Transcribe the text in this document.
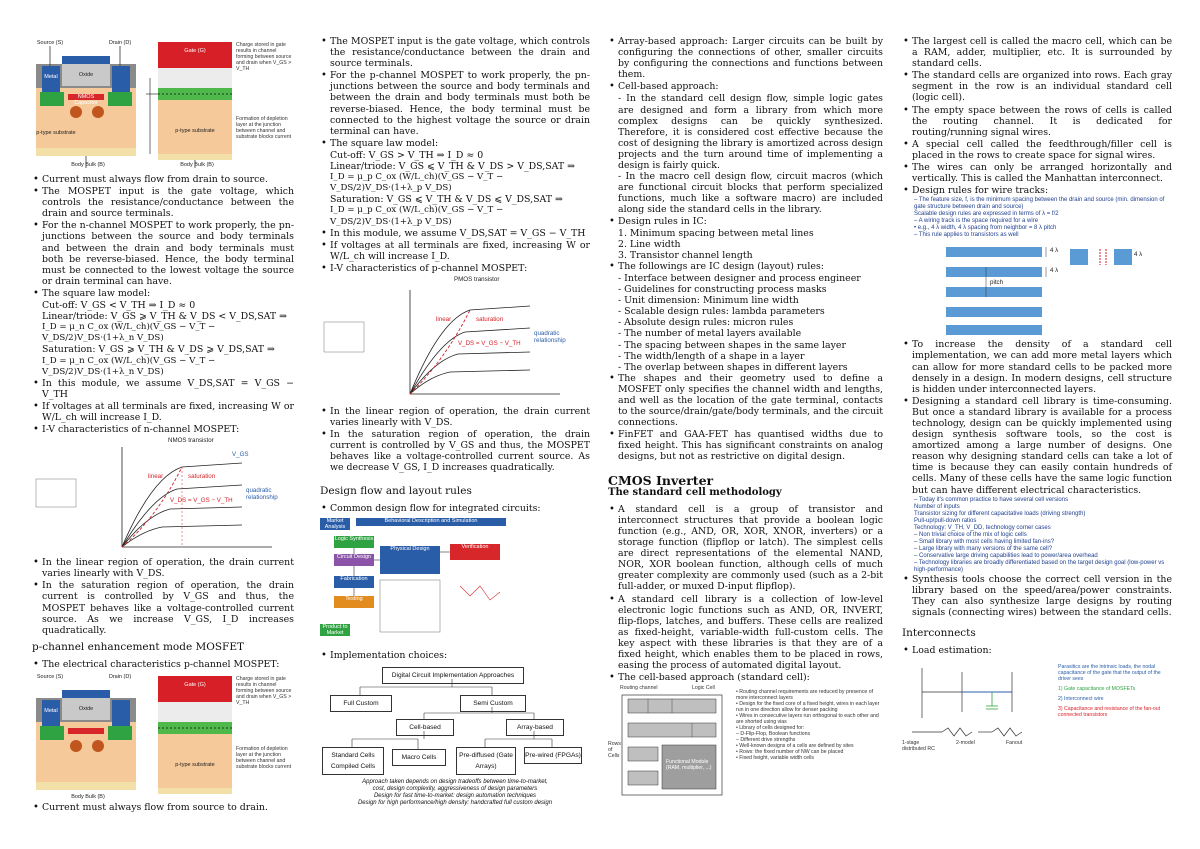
Source (S)	Drain (D)
Metal	Oxide
NMOS Capacitor
p-type substrate
Body Bulk (B)
Gate (G)
p-type substrate
Body Bulk (B)
Charge stored in gate results in channel forming between source and drain when V_GS > V_TH
Formation of depletion layer at the junction between channel and substrate blocks current
• Current must always flow from drain to source.
• The MOSPET input is the gate voltage, which controls the resistance/conductance between the drain and source terminals.
• For the n-channel MOSPET to work properly, the pn-junctions between the source and body terminals and between the drain and body terminals must both be reverse-biased. Hence, the body terminal must be connected to the lowest voltage the source or drain terminal can have.
• The square law model:
Cut-off: V_GS < V_TH ⇒ I_D ≈ 0
Linear/triode: V_GS ⩾ V_TH & V_DS < V_DS,SAT ⇒
I_D = μ_n C_ox (W/L_ch)(V_GS − V_T − V_DS/2)V_DS·(1+λ_n V_DS)
Saturation: V_GS ⩾ V_TH & V_DS ⩾ V_DS,SAT ⇒
I_D = μ_n C_ox (W/L_ch)(V_GS − V_T − V_DS/2)V_DS·(1+λ_n V_DS)
• In this module, we assume V_DS,SAT = V_GS − V_TH
• If voltages at all terminals are fixed, increasing W or W/L_ch will increase I_D.
• I-V characteristics of n-channel MOSPET:
NMOS transistor
linear	saturation
V_DS = V_GS − V_TH
quadratic relationship
V_GS
• In the linear region of operation, the drain current varies linearly with V_DS.
• In the saturation region of operation, the drain current is controlled by V_GS and thus, the MOSPET behaves like a voltage-controlled current source. As we increase V_GS, I_D increases quadratically.
p-channel enhancement mode MOSFET
• The electrical characteristics p-channel MOSPET:
Source (S)	Drain (D)
Metal	Oxide
Body Bulk (B)
Gate (G)
p-type substrate
Charge stored in gate results in channel forming between source and drain when V_GS > V_TH
Formation of depletion layer at the junction between channel and substrate blocks current
• Current must always flow from source to drain.
• The MOSPET input is the gate voltage, which controls the resistance/conductance between the drain and source terminals.
• For the p-channel MOSPET to work properly, the pn-junctions between the source and body terminals and between the drain and body terminals must both be reverse-biased. Hence, the body terminal must be connected to the highest voltage the source or drain terminal can have.
• The square law model:
Cut-off: V_GS > V_TH ⇒ I_D ≈ 0
Linear/triode: V_GS ⩽ V_TH & V_DS > V_DS,SAT ⇒
I_D = μ_p C_ox (W/L_ch)(V_GS − V_T − V_DS/2)V_DS·(1+λ_p V_DS)
Saturation: V_GS ⩽ V_TH & V_DS ⩽ V_DS,SAT ⇒
I_D = μ_p C_ox (W/L_ch)(V_GS − V_T − V_DS/2)V_DS·(1+λ_p V_DS)
• In this module, we assume V_DS,SAT = V_GS − V_TH
• If voltages at all terminals are fixed, increasing W or W/L_ch will increase I_D.
• I-V characteristics of p-channel MOSPET:
PMOS transistor
linear	saturation
V_DS = V_GS − V_TH
quadratic relationship
• In the linear region of operation, the drain current varies linearly with V_DS.
• In the saturation region of operation, the drain current is controlled by V_GS and thus, the MOSPET behaves like a voltage-controlled current source. As we decrease V_GS, I_D increases quadratically.
Design flow and layout rules
• Common design flow for integrated circuits:
Market Analysis
Behavioral Description and Simulation
Logic Synthesis
Circuit Design
Physical Design	Verification
Fabrication
Testing
Product to Market
• Implementation choices:
Digital Circuit Implementation Approaches
Full Custom	Semi Custom
Cell-based	Array-based
Standard Cells Compiled Cells
Macro Cells	Pre-diffused (Gate Arrays)
Pre-wired (FPGAs)
Approach taken depends on design tradeoffs between time-to-market,
cost, design complexity, aggressiveness of design parameters
Design for fast time-to-market: design automation techniques
Design for high performance/high density: handcrafted full custom design
• Array-based approach: Larger circuits can be built by configuring the connections of other, smaller circuits by configuring the connections and functions between them.
• Cell-based approach:
- In the standard cell design flow, simple logic gates are designed and form a library from which more complex designs can be quickly synthesized. Therefore, it is considered cost effective because the cost of designing the library is amortized across design projects and the turn around time of implementing a design is fairly quick.
- In the macro cell design flow, circuit macros (which are functional circuit blocks that perform specialized functions, much like a software macro) are included along side the standard cells in the library.
• Design rules in IC:
1. Minimum spacing between metal lines
2. Line width
3. Transistor channel length
• The followings are IC design (layout) rules:
- Interface between designer and process engineer
- Guidelines for constructing process masks
- Unit dimension: Minimum line width
- Scalable design rules: lambda parameters
- Absolute design rules: micron rules
- The number of metal layers available
- The spacing between shapes in the same layer
- The width/length of a shape in a layer
- The overlap between shapes in different layers
• The shapes and their geometry used to define a MOSFET only specifies the channel width and lengths, and well as the location of the gate terminal, contacts to the source/drain/gate/body terminals, and the circuit connections.
• FinFET and GAA-FET has quantised widths due to fixed height. This has significant constraints on analog designs, but not as restrictive on digital design.
CMOS Inverter
The standard cell methodology
• A standard cell is a group of transistor and interconnect structures that provide a boolean logic function (e.g., AND, OR, XOR, XNOR, inverters) or a storage function (flipflop or latch). The simplest cells are direct representations of the elemental NAND, NOR, XOR boolean function, although cells of much greater complexity are commonly used (such as a 2-bit full-adder, or muxed D-input flipflop).
• A standard cell library is a collection of low-level electronic logic functions such as AND, OR, INVERT, flip-flops, latches, and buffers. These cells are realized as fixed-height, variable-width full-custom cells. The key aspect with these libraries is that they are of a fixed height, which enables them to be placed in rows, easing the process of automated digital layout.
• The cell-based approach (standard cell):
Routing channel	Logic Cell
Rows of Cells
Functional Module (RAM, multiplier, ...)
• Routing channel requirements are reduced by presence of more interconnect layers
• Design for the fixed core of a fixed height, wires in each layer run in one direction allow for denser packing
• Wires in consecutive layers run orthogonal to each other and are shorted using vias
• Library of cells designed for:
– D-Flip-Flop, Boolean functions
– Different drive strengths
• Well-known designs of a cells are defined by sites
• Rows: the fixed number of NW can be placed
• Fixed height, variable width cells
• The largest cell is called the macro cell, which can be a RAM, adder, multiplier, etc. It is surrounded by standard cells.
• The standard cells are organized into rows. Each gray segment in the row is an individual standard cell (logic cell).
• The empty space between the rows of cells is called the routing channel. It is dedicated for routing/running signal wires.
• A special cell called the feedthrough/filler cell is placed in the rows to create space for signal wires.
• The wires can only be arranged horizontally and vertically. This is called the Manhattan interconnect.
• Design rules for wire tracks:
– The feature size, f, is the minimum spacing between the drain and source (min. dimension of gate structure between drain and source)
Scalable design rules are expressed in terms of λ = f/2
– A wiring track is the space required for a wire
• e.g., 4 λ width, 4 λ spacing from neighbor = 8 λ pitch
– This rule applies to transistors as well
4 λ
4 λ
pitch
4 λ
• To increase the density of a standard cell implementation, we can add more metal layers which can allow for more standard cells to be packed more densely in a design. In modern designs, cell structure is hidden under interconnected layers.
• Designing a standard cell library is time-consuming. But once a standard library is available for a process technology, design can be quickly implemented using design synthesis software tools, so the cost is amortized among a large number of designs. One reason why designing standard cells can take a lot of time is because they can easily contain hundreds of cells. Many of these cells have the same logic function but can have different electrical characteristics.
– Today it's common practice to have several cell versions
Number of inputs
Transistor sizing for different capacitative loads (driving strength)
Pull-up/pull-down ratios
Technology: V_TH, V_DD, technology corner cases
– Non trivial choice of the mix of logic cells
– Small library with most cells having limited fan-ins?
– Large library with many versions of the same cell?
– Conservative large driving capabilities lead to power/area overhead
– Technology libraries are broadly differentiated based on the target design goal (low-power vs high-performance)
• Synthesis tools choose the correct cell version in the library based on the speed/area/power constraints. They can also synthesize large designs by routing signals (connecting wires) between the standard cells.
Interconnects
• Load estimation:
1-stage	2-model	Fanout
distributed RC
Parasitics are the intrinsic loads, the nodal capacitance of the gate that the output of the driver sees
1) Gate capacitance of MOSFETs
2) Interconnect wire
3) Capacitance and resistance of the fan-out connected transistors
